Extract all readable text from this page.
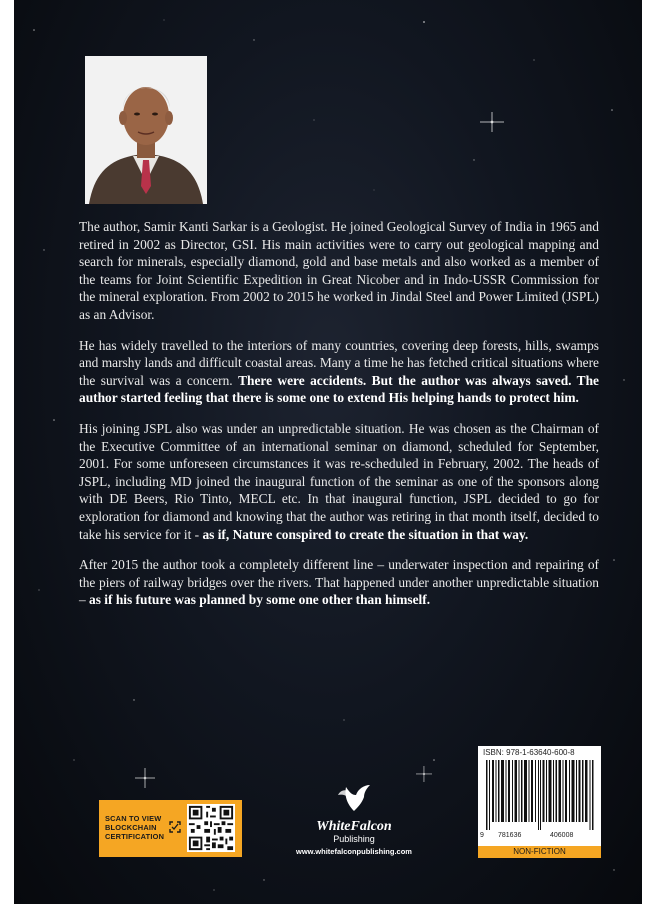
The author, Samir Kanti Sarkar is a Geologist. He joined Geological Survey of India in 1965 and retired in 2002 as Director, GSI. His main activities were to carry out geological mapping and search for minerals, especially diamond, gold and base metals and also worked as a member of the teams for Joint Scientific Expedition in Great Nicober and in Indo-USSR Commission for the mineral exploration. From 2002 to 2015 he worked in Jindal Steel and Power Limited (JSPL) as an Advisor.

He has widely travelled to the interiors of many countries, covering deep forests, hills, swamps and marshy lands and difficult coastal areas. Many a time he has fetched critical situations where the survival was a concern. There were accidents. But the author was always saved. The author started feeling that there is some one to extend His helping hands to protect him.

His joining JSPL also was under an unpredictable situation. He was chosen as the Chairman of the Executive Committee of an international seminar on diamond, scheduled for September, 2001. For some unforeseen circumstances it was re-scheduled in February, 2002. The heads of JSPL, including MD joined the inaugural function of the seminar as one of the sponsors along with DE Beers, Rio Tinto, MECL etc. In that inaugural function, JSPL decided to go for exploration for diamond and knowing that the author was retiring in that month itself, decided to take his service for it - as if, Nature conspired to create the situation in that way.

After 2015 the author took a completely different line – underwater inspection and repairing of the piers of railway bridges over the rivers. That happened under another unpredictable situation – as if his future was planned by some one other than himself.

SCAN TO VIEW
BLOCKCHAIN
CERTIFICATION
WhiteFalcon
Publishing
www.whitefalconpublishing.com
ISBN: 978-1-63640-600-8
9 781636	406008
NON-FICTION
